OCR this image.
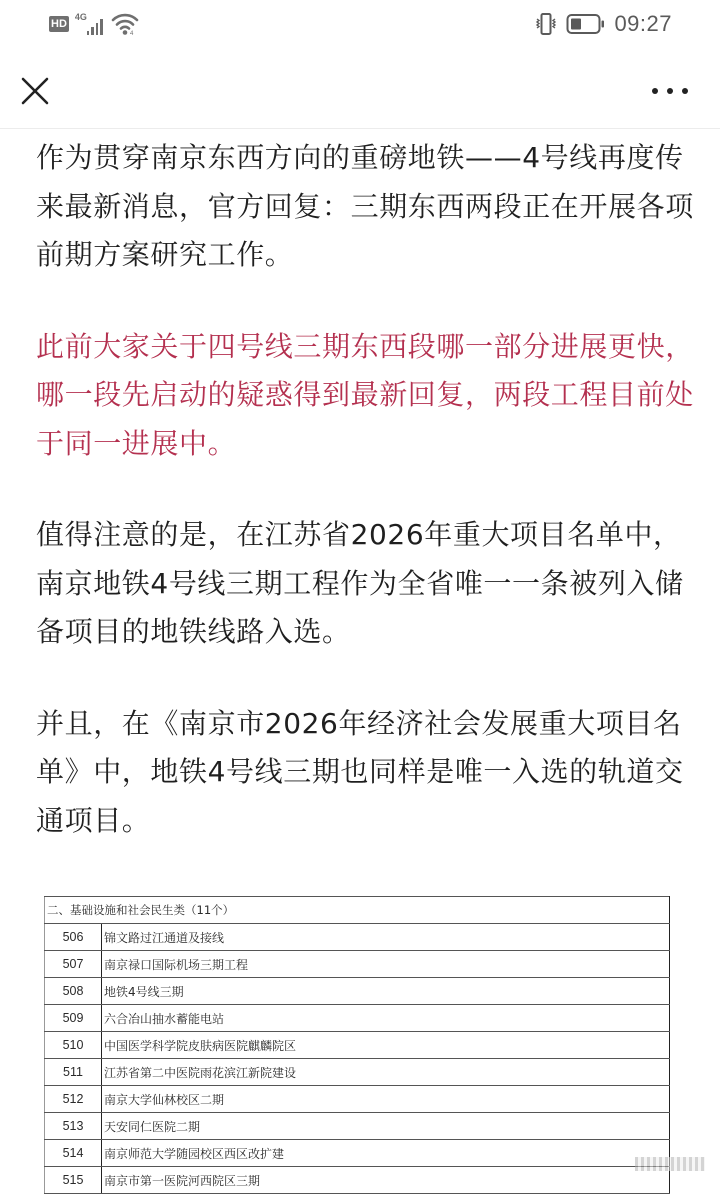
HD
4G
4	09:27

作为贯穿南京东西方向的重磅地铁——4号线再度传来最新消息，官方回复：三期东西两段正在开展各项前期方案研究工作。

此前大家关于四号线三期东西段哪一部分进展更快，哪一段先启动的疑惑得到最新回复，两段工程目前处于同一进展中。

值得注意的是，在江苏省2026年重大项目名单中，南京地铁4号线三期工程作为全省唯一一条被列入储备项目的地铁线路入选。

并且，在《南京市2026年经济社会发展重大项目名单》中，地铁4号线三期也同样是唯一入选的轨道交通项目。

二、基础设施和社会民生类（11个）	
506	锦文路过江通道及接线
507	南京禄口国际机场三期工程
508	地铁4号线三期
509	六合冶山抽水蓄能电站
510	中国医学科学院皮肤病医院麒麟院区
511	江苏省第二中医院雨花滨江新院建设
512	南京大学仙林校区二期
513	天安同仁医院二期
514	南京师范大学随园校区西区改扩建
515	南京市第一医院河西院区三期
